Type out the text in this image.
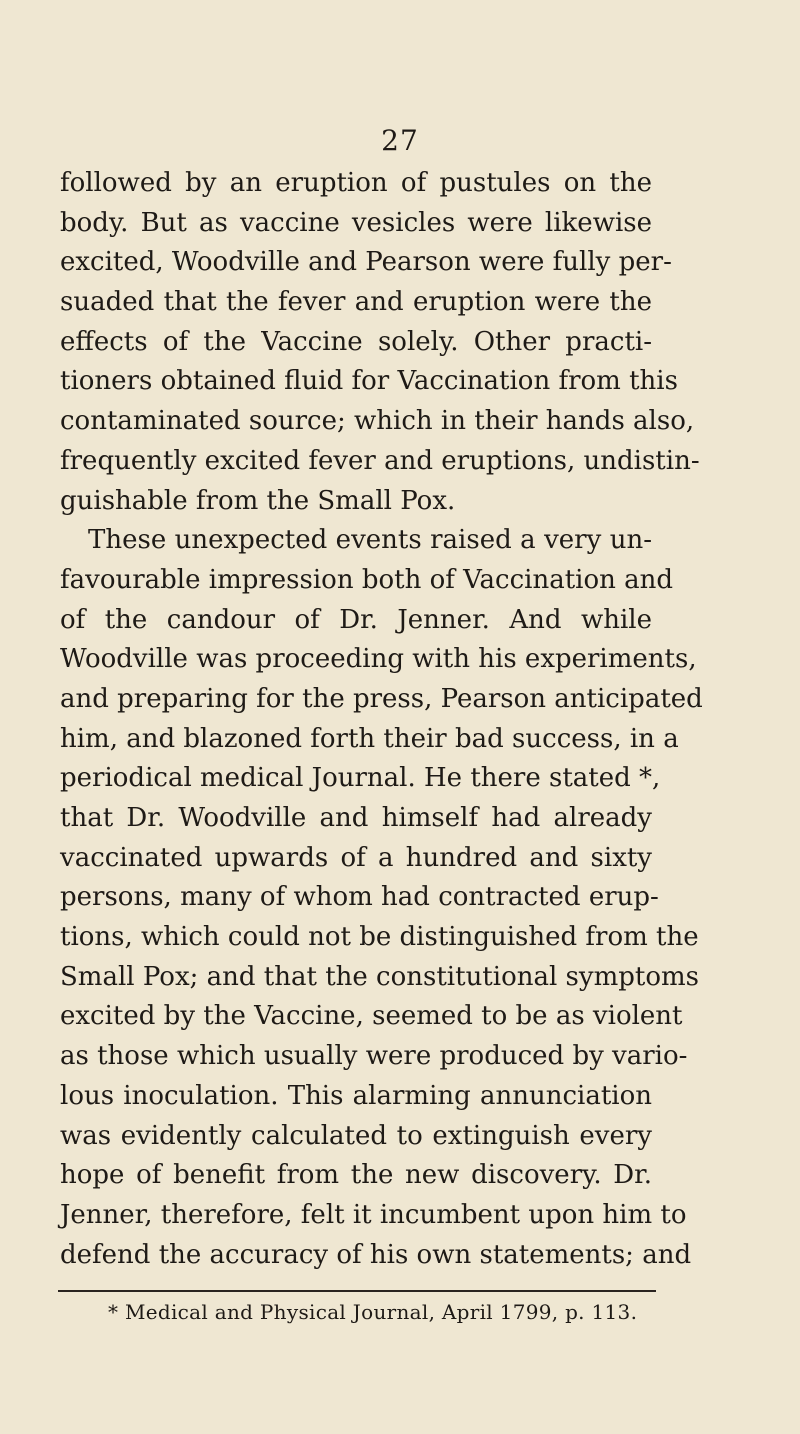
27
followed by an eruption of pustules on the
body. But as vaccine vesicles were likewise
excited, Woodville and Pearson were fully per-
suaded that the fever and eruption were the
effects of the Vaccine solely. Other practi-
tioners obtained fluid for Vaccination from this
contaminated source; which in their hands also,
frequently excited fever and eruptions, undistin-
guishable from the Small Pox.
These unexpected events raised a very un-
favourable impression both of Vaccination and
of the candour of Dr. Jenner. And while
Woodville was proceeding with his experiments,
and preparing for the press, Pearson anticipated
him, and blazoned forth their bad success, in a
periodical medical Journal. He there stated *,
that Dr. Woodville and himself had already
vaccinated upwards of a hundred and sixty
persons, many of whom had contracted erup-
tions, which could not be distinguished from the
Small Pox; and that the constitutional symptoms
excited by the Vaccine, seemed to be as violent
as those which usually were produced by vario-
lous inoculation. This alarming annunciation
was evidently calculated to extinguish every
hope of benefit from the new discovery. Dr.
Jenner, therefore, felt it incumbent upon him to
defend the accuracy of his own statements; and
* Medical and Physical Journal, April 1799, p. 113.
